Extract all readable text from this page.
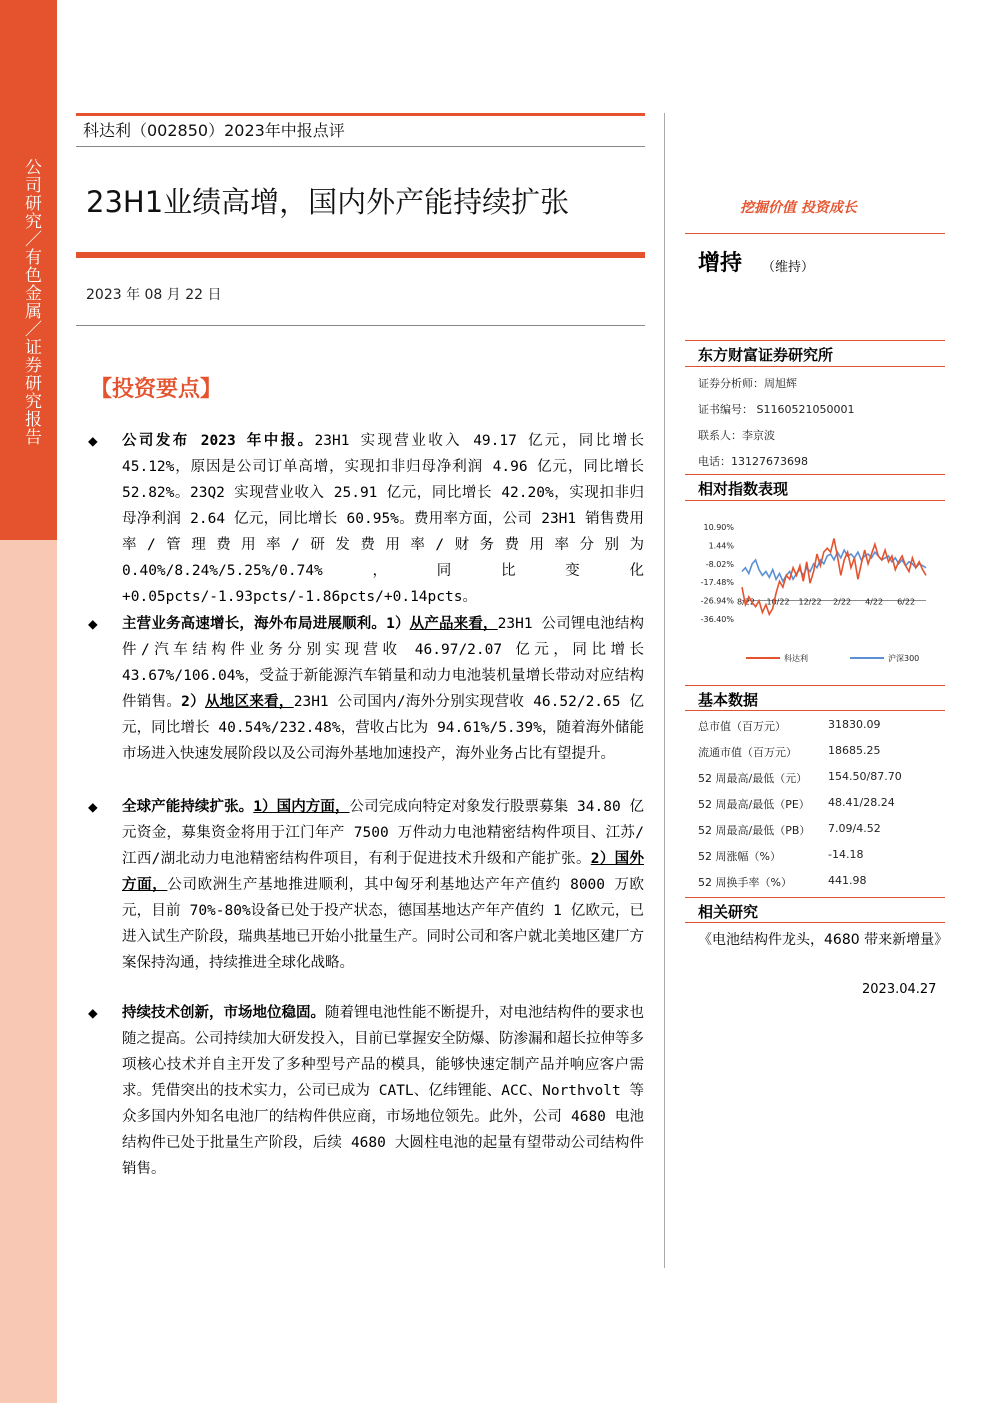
公司研究／有色金属／证券研究报告
科达利（002850）2023年中报点评
23H1业绩高增，国内外产能持续扩张
2023 年 08 月 22 日
【投资要点】
◆ 公司发布 2023 年中报。23H1 实现营业收入 49.17 亿元，同比增长 45.12%，原因是公司订单高增，实现扣非归母净利润 4.96 亿元，同比增长 52.82%。23Q2 实现营业收入 25.91 亿元，同比增长 42.20%，实现扣非归母净利润 2.64 亿元，同比增长 60.95%。费用率方面，公司 23H1 销售费用率/管理费用率/研发费用率/财务费用率分别为 0.40%/8.24%/5.25%/0.74%，同比变化 +0.05pcts/-1.93pcts/-1.86pcts/+0.14pcts。
◆ 主营业务高速增长，海外布局进展顺利。1）从产品来看，23H1 公司锂电池结构件/汽车结构件业务分别实现营收 46.97/2.07 亿元，同比增长 43.67%/106.04%，受益于新能源汽车销量和动力电池装机量增长带动对应结构件销售。2）从地区来看，23H1 公司国内/海外分别实现营收 46.52/2.65 亿元，同比增长 40.54%/232.48%，营收占比为 94.61%/5.39%，随着海外储能市场进入快速发展阶段以及公司海外基地加速投产，海外业务占比有望提升。
◆ 全球产能持续扩张。1）国内方面，公司完成向特定对象发行股票募集 34.80 亿元资金，募集资金将用于江门年产 7500 万件动力电池精密结构件项目、江苏/江西/湖北动力电池精密结构件项目，有利于促进技术升级和产能扩张。2）国外方面，公司欧洲生产基地推进顺利，其中匈牙利基地达产年产值约 8000 万欧元，目前 70%-80%设备已处于投产状态，德国基地达产年产值约 1 亿欧元，已进入试生产阶段，瑞典基地已开始小批量生产。同时公司和客户就北美地区建厂方案保持沟通，持续推进全球化战略。
◆ 持续技术创新，市场地位稳固。随着锂电池性能不断提升，对电池结构件的要求也随之提高。公司持续加大研发投入，目前已掌握安全防爆、防渗漏和超长拉伸等多项核心技术并自主开发了多种型号产品的模具，能够快速定制产品并响应客户需求。凭借突出的技术实力，公司已成为 CATL、亿纬锂能、ACC、Northvolt 等众多国内外知名电池厂的结构件供应商，市场地位领先。此外，公司 4680 电池结构件已处于批量生产阶段，后续 4680 大圆柱电池的起量有望带动公司结构件销售。
挖掘价值 投资成长
增持 （维持）
东方财富证券研究所
证券分析师：周旭辉
证书编号： S1160521050001
联系人：李京波
电话：13127673698
相对指数表现
10.90%
1.44%
-8.02%
-17.48%
-26.94%
-36.40%
8/22 10/22 12/22 2/22 4/22 6/22
科达利	沪深300
基本数据
总市值（百万元）	31830.09
流通市值（百万元）	18685.25
52 周最高/最低（元） 154.50/87.70
52 周最高/最低（PE） 48.41/28.24
52 周最高/最低（PB） 7.09/4.52
52 周涨幅（%）	-14.18
52 周换手率（%）	441.98
相关研究
《电池结构件龙头，4680 带来新增量》
2023.04.27
